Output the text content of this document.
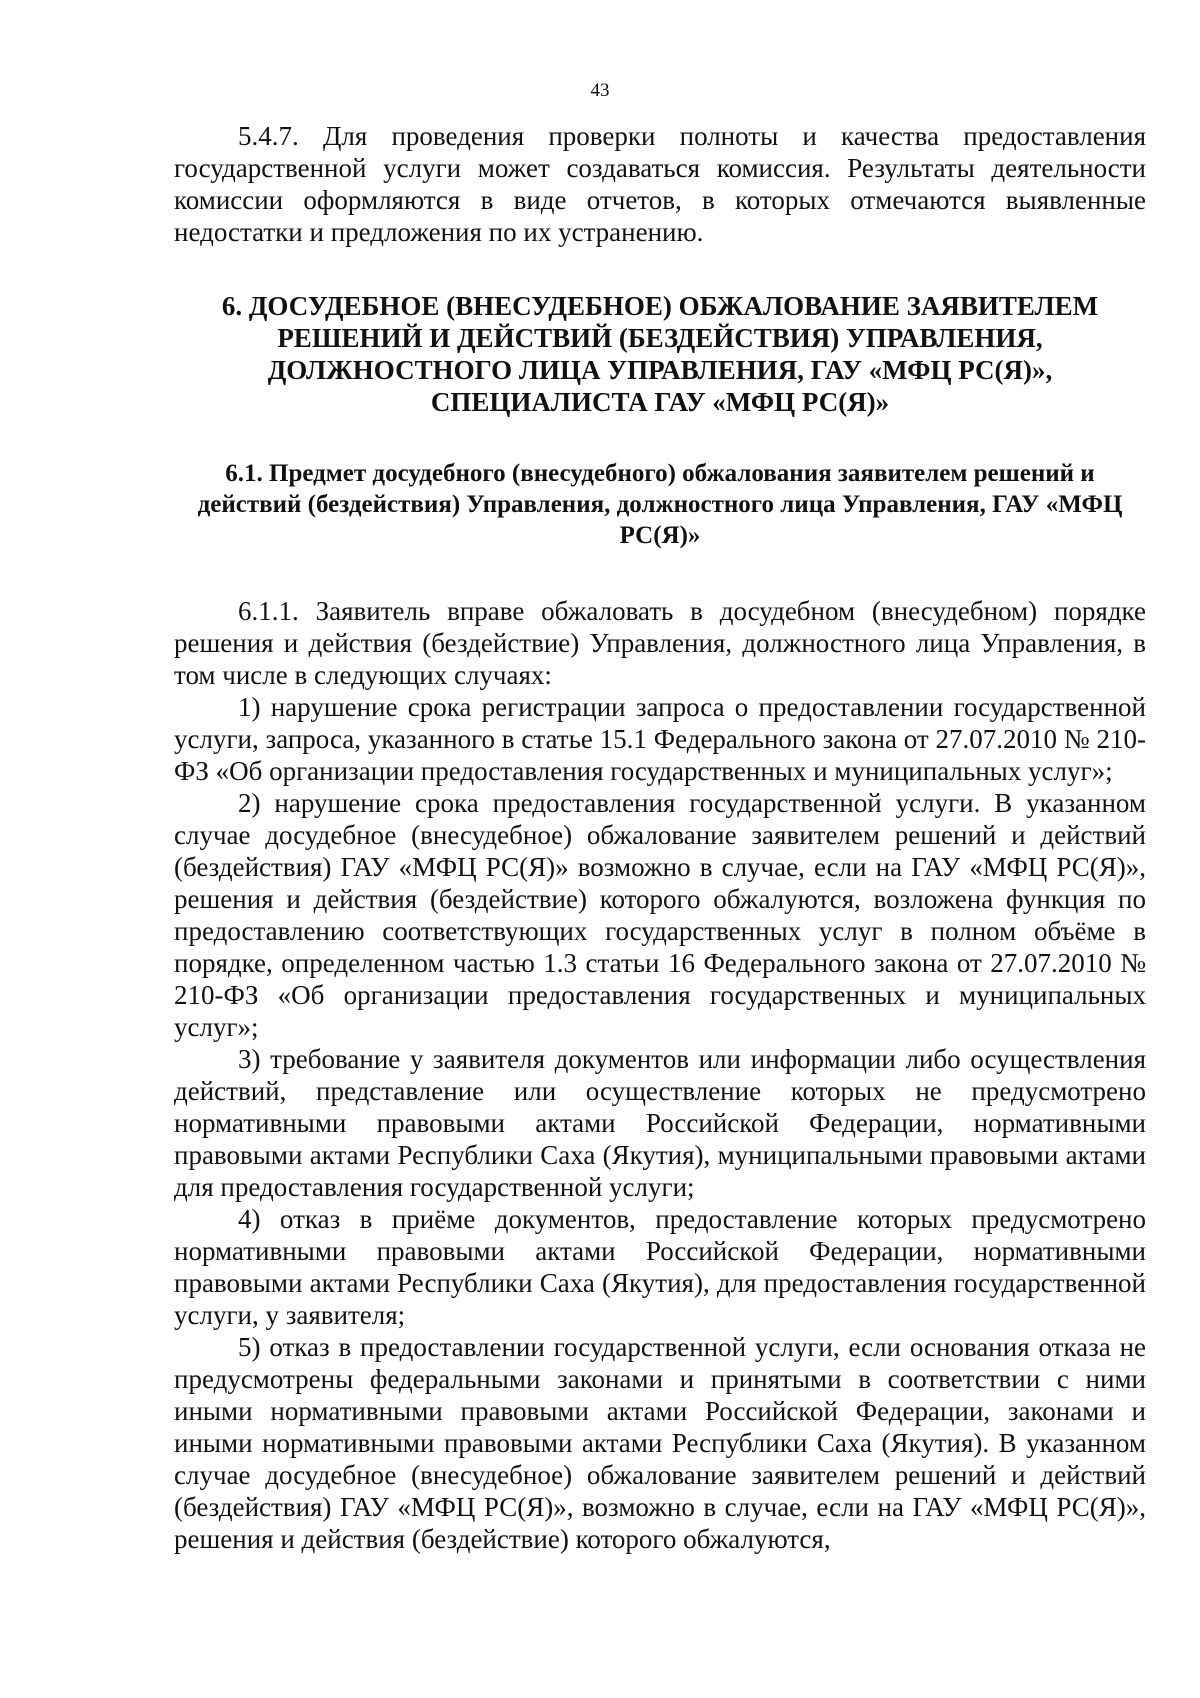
43

5.4.7. Для проведения проверки полноты и качества предоставления государственной услуги может создаваться комиссия. Результаты деятельности комиссии оформляются в виде отчетов, в которых отмечаются выявленные недостатки и предложения по их устранению.

6. ДОСУДЕБНОЕ (ВНЕСУДЕБНОЕ) ОБЖАЛОВАНИЕ ЗАЯВИТЕЛЕМ РЕШЕНИЙ И ДЕЙСТВИЙ (БЕЗДЕЙСТВИЯ) УПРАВЛЕНИЯ, ДОЛЖНОСТНОГО ЛИЦА УПРАВЛЕНИЯ, ГАУ «МФЦ РС(Я)», СПЕЦИАЛИСТА ГАУ «МФЦ РС(Я)»
6.1. Предмет досудебного (внесудебного) обжалования заявителем решений и действий (бездействия) Управления, должностного лица Управления, ГАУ «МФЦ РС(Я)»

6.1.1. Заявитель вправе обжаловать в досудебном (внесудебном) порядке решения и действия (бездействие) Управления, должностного лица Управления, в том числе в следующих случаях:

1) нарушение срока регистрации запроса о предоставлении государственной услуги, запроса, указанного в статье 15.1 Федерального закона от 27.07.2010 № 210-ФЗ «Об организации предоставления государственных и муниципальных услуг»;

2) нарушение срока предоставления государственной услуги. В указанном случае досудебное (внесудебное) обжалование заявителем решений и действий (бездействия) ГАУ «МФЦ РС(Я)» возможно в случае, если на ГАУ «МФЦ РС(Я)», решения и действия (бездействие) которого обжалуются, возложена функция по предоставлению соответствующих государственных услуг в полном объёме в порядке, определенном частью 1.3 статьи 16 Федерального закона от 27.07.2010 № 210-ФЗ «Об организации предоставления государственных и муниципальных услуг»;

3) требование у заявителя документов или информации либо осуществления действий, представление или осуществление которых не предусмотрено нормативными правовыми актами Российской Федерации, нормативными правовыми актами Республики Саха (Якутия), муниципальными правовыми актами для предоставления государственной услуги;

4) отказ в приёме документов, предоставление которых предусмотрено нормативными правовыми актами Российской Федерации, нормативными правовыми актами Республики Саха (Якутия), для предоставления государственной услуги, у заявителя;

5) отказ в предоставлении государственной услуги, если основания отказа не предусмотрены федеральными законами и принятыми в соответствии с ними иными нормативными правовыми актами Российской Федерации, законами и иными нормативными правовыми актами Республики Саха (Якутия). В указанном случае досудебное (внесудебное) обжалование заявителем решений и действий (бездействия) ГАУ «МФЦ РС(Я)», возможно в случае, если на ГАУ «МФЦ РС(Я)», решения и действия (бездействие) которого обжалуются,
